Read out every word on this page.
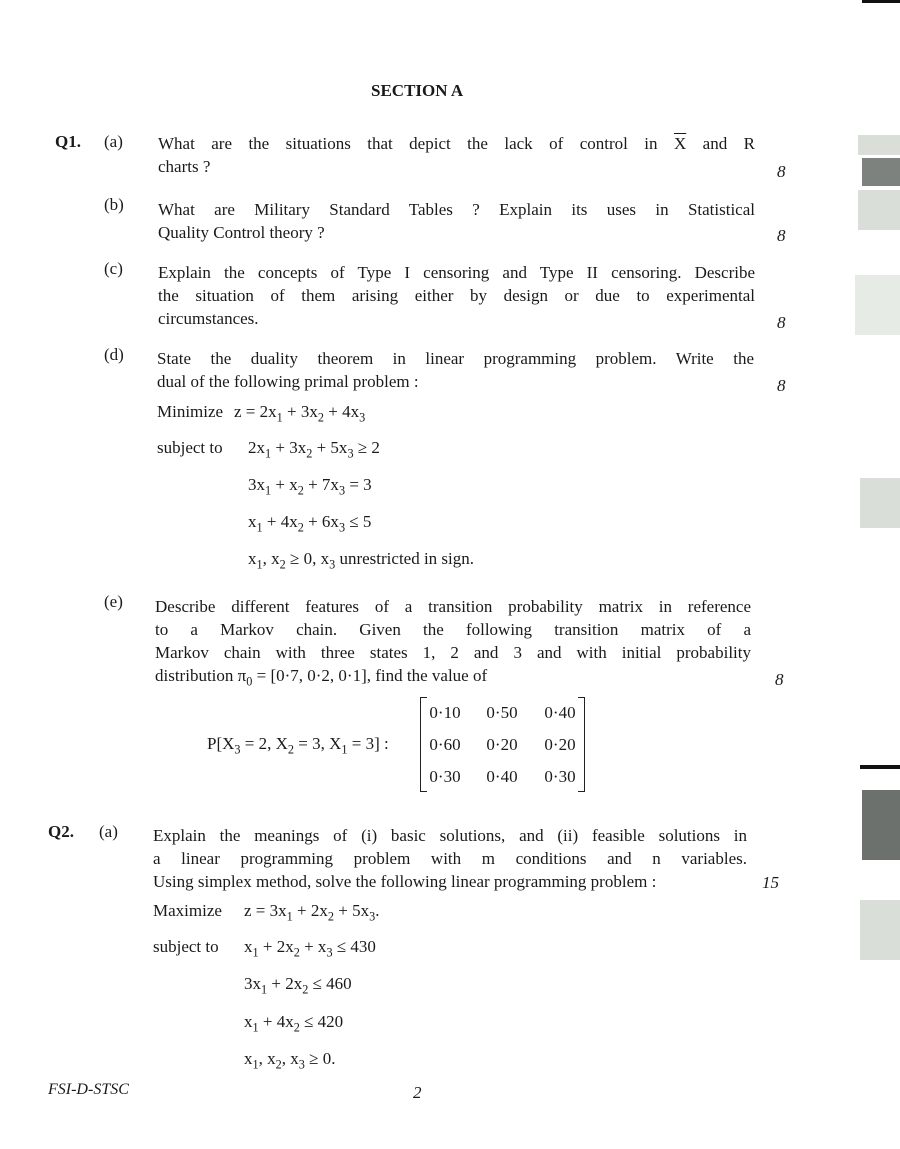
SECTION A
Q1. (a) What are the situations that depict the lack of control in $\overline{X}$ and R
charts ?	8
(b) What are Military Standard Tables ? Explain its uses in Statistical
Quality Control theory ?	8
(c) Explain the concepts of Type I censoring and Type II censoring. Describe
the situation of them arising either by design or due to experimental
circumstances.	8
(d) State the duality theorem in linear programming problem. Write the
dual of the following primal problem :	8
Minimize $z = 2x_1 + 3x_2 + 4x_3$
subject to $2x_1 + 3x_2 + 5x_3 \ge 2$
$3x_1 + x_2 + 7x_3 = 3$
$x_1 + 4x_2 + 6x_3 \le 5$
$x_1$, $x_2 \ge 0$, $x_3$ unrestricted in sign.
(e) Describe different features of a transition probability matrix in reference
to a Markov chain. Given the following transition matrix of a
Markov chain with three states 1, 2 and 3 and with initial probability
distribution $\pi_0 = [0\cdot 7$, 0·2, 0·1], find the value of	8
$P[X_3 = 2$, $X_2 = 3$, $X_1 = 3$] :
0·10	0·50	0·40
0·60	0·20	0·20
0·30	0·40	0·30
Q2. (a) Explain the meanings of (i) basic solutions, and (ii) feasible solutions in
a linear programming problem with m conditions and n variables.
Using simplex method, solve the following linear programming problem :	15
Maximize $z = 3x_1 + 2x_2 + 5x_3$.
subject to $x_1 + 2x_2 + x_3 \le 430$
$3x_1 + 2x_2 \le 460$
$x_1 + 4x_2 \le 420$
$x_1$, $x_2$, $x_3 \ge 0$.
FSI-D-STSC	2
